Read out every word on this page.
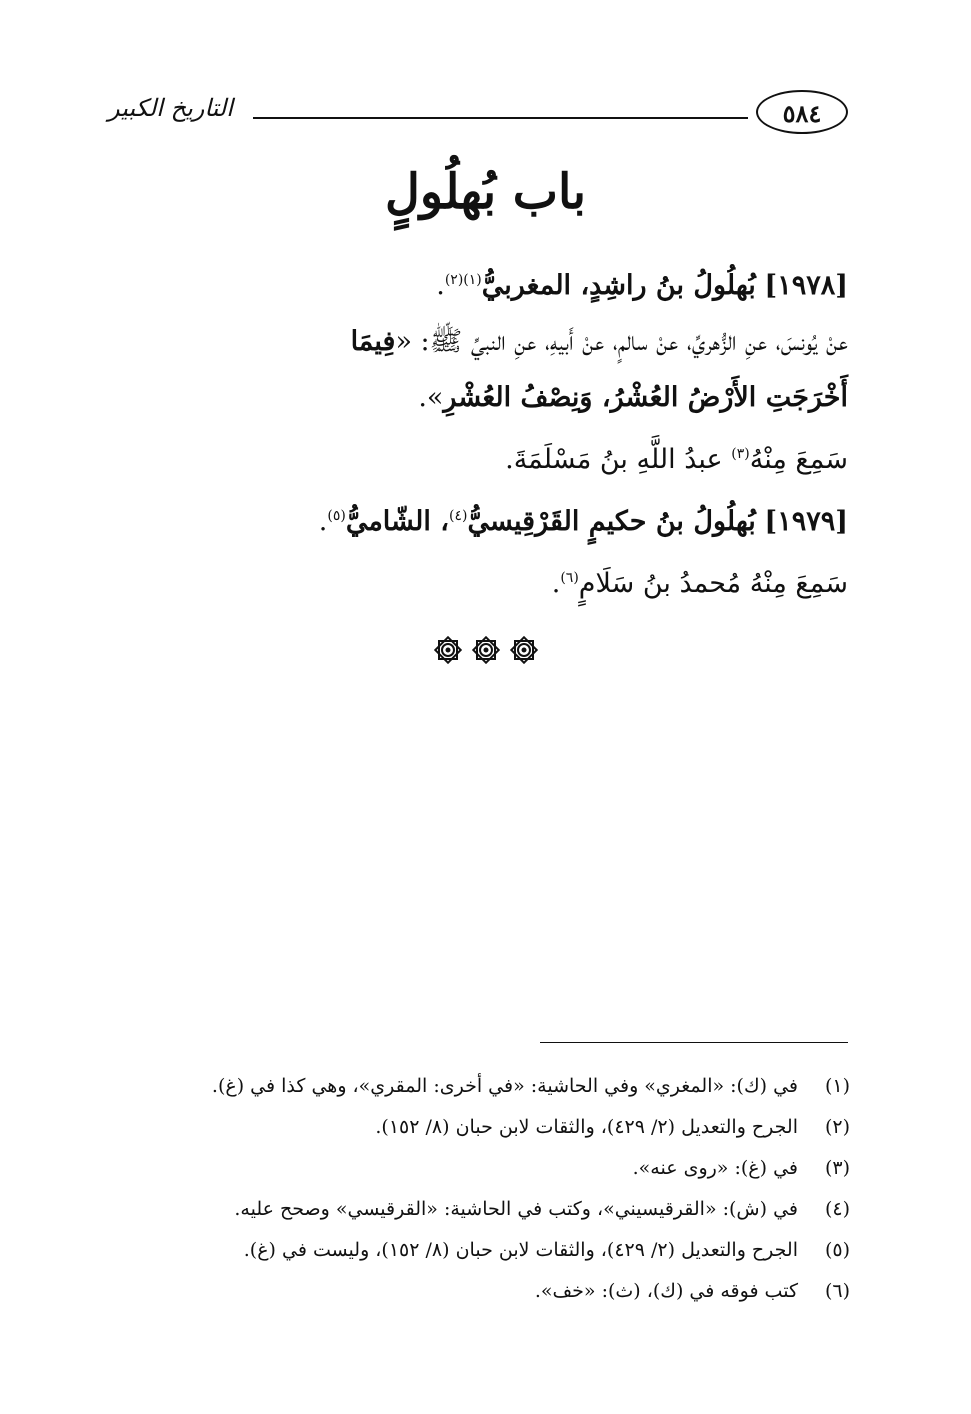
التاريخ الكبير	٥٨٤
باب بُهلُولٍ
[١٩٧٨] بُهلُولُ بنُ راشِدٍ، المغربيُّ$^{(١)(٢)}$.
عنْ يُونسَ، عنِ الزُّهريِّ، عنْ سالمٍ، عنْ أَبيهِ، عنِ النبيِّ ﷺ: «فِيمَا
أَخْرَجَتِ الأَرْضُ العُشْرُ، وَنِصْفُ العُشْرِ».
سَمِعَ مِنْهُ$^{(٣)}$ عبدُ اللَّهِ بنُ مَسْلَمَةَ.
[١٩٧٩] بُهلُولُ بنُ حكيمٍ القَرْقِيسيُّ$^{(٤)}$، الشّاميُّ$^{(٥)}$.
سَمِعَ مِنْهُ مُحمدُ بنُ سَلَامٍ$^{(٦)}$.
(١)
في (ك): «المغري» وفي الحاشية: «في أخرى: المقري»، وهي كذا في (غ).
(٢)
الجرح والتعديل (٢/ ٤٢٩)، والثقات لابن حبان (٨/ ١٥٢).
(٣)
في (غ): «روى عنه».
(٤)
في (ش): «القرقيسيني»، وكتب في الحاشية: «القرقيسي» وصحح عليه.
(٥)
الجرح والتعديل (٢/ ٤٢٩)، والثقات لابن حبان (٨/ ١٥٢)، وليست في (غ).
(٦)
كتب فوقه في (ك)، (ث): «خف».
